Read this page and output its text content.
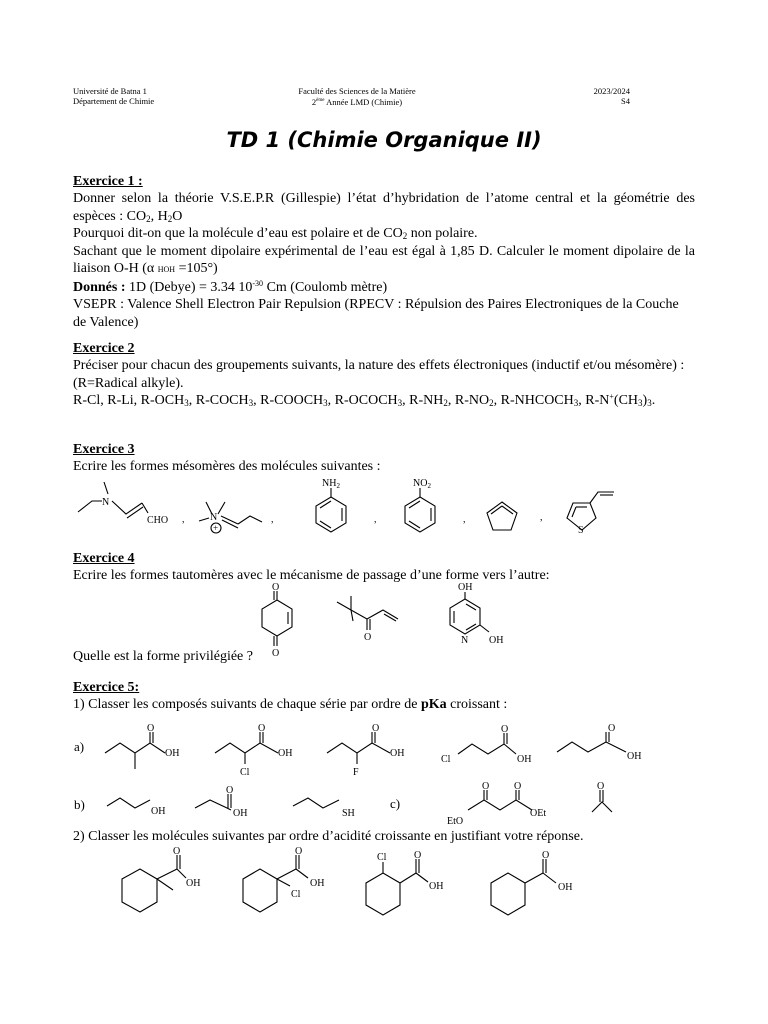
Université de Batna 1
Département de Chimie
Faculté des Sciences de la Matière
2ème Année LMD (Chimie)
2023/2024
S4
TD 1 (Chimie Organique II)
Exercice 1 :

Donner selon la théorie V.S.E.P.R (Gillespie) l’état d’hybridation de l’atome central et la géométrie des espèces : $CO_2$, $H_2O$

Pourquoi dit-on que la molécule d’eau est polaire et de $CO_2$ non polaire.

Sachant que le moment dipolaire expérimental de l’eau est égal à 1,85 D. Calculer le moment dipolaire de la liaison O-H (α HOH =105°)

Donnés : 1D (Debye) = 3.34 $10^{-30}$ Cm (Coulomb mètre)

VSEPR : Valence Shell Electron Pair Repulsion (RPECV : Répulsion des Paires Electroniques de la Couche de Valence)

Exercice 2

Préciser pour chacun des groupements suivants, la nature des effets électroniques (inductif et/ou mésomère) : (R=Radical alkyle).

R-Cl, R-Li, $R-OCH_3$, $R-COCH_3$, $R-COOCH_3$, $R-OCOCH_3$, $R-NH_2$, $R-NO_2$, $R-NHCOCH_3$, $R-N^+(CH_3)_3$.

Exercice 3

Ecrire les formes mésomères des molécules suivantes :

N
CHO ,	N
+
,
$NH_2$
,
$NO_2$
,	,
S
Exercice 4

Ecrire les formes tautomères avec le mécanisme de passage d’une forme vers l’autre:

O
O
O
OH
N OH

Quelle est la forme privilégiée ?

Exercice 5:

1) Classer les composés suivants de chaque série par ordre de pKa croissant :

a)
O
OH
O
OH
Cl
O
OH
F
O
OH
Cl
O
OH
b)	c)
OH
O
OH	SH
O O
EtO
OEt
O

2) Classer les molécules suivantes par ordre d’acidité croissante en justifiant votre réponse.

O
OH
O
OH
Cl
Cl	O
OH
O
OH
